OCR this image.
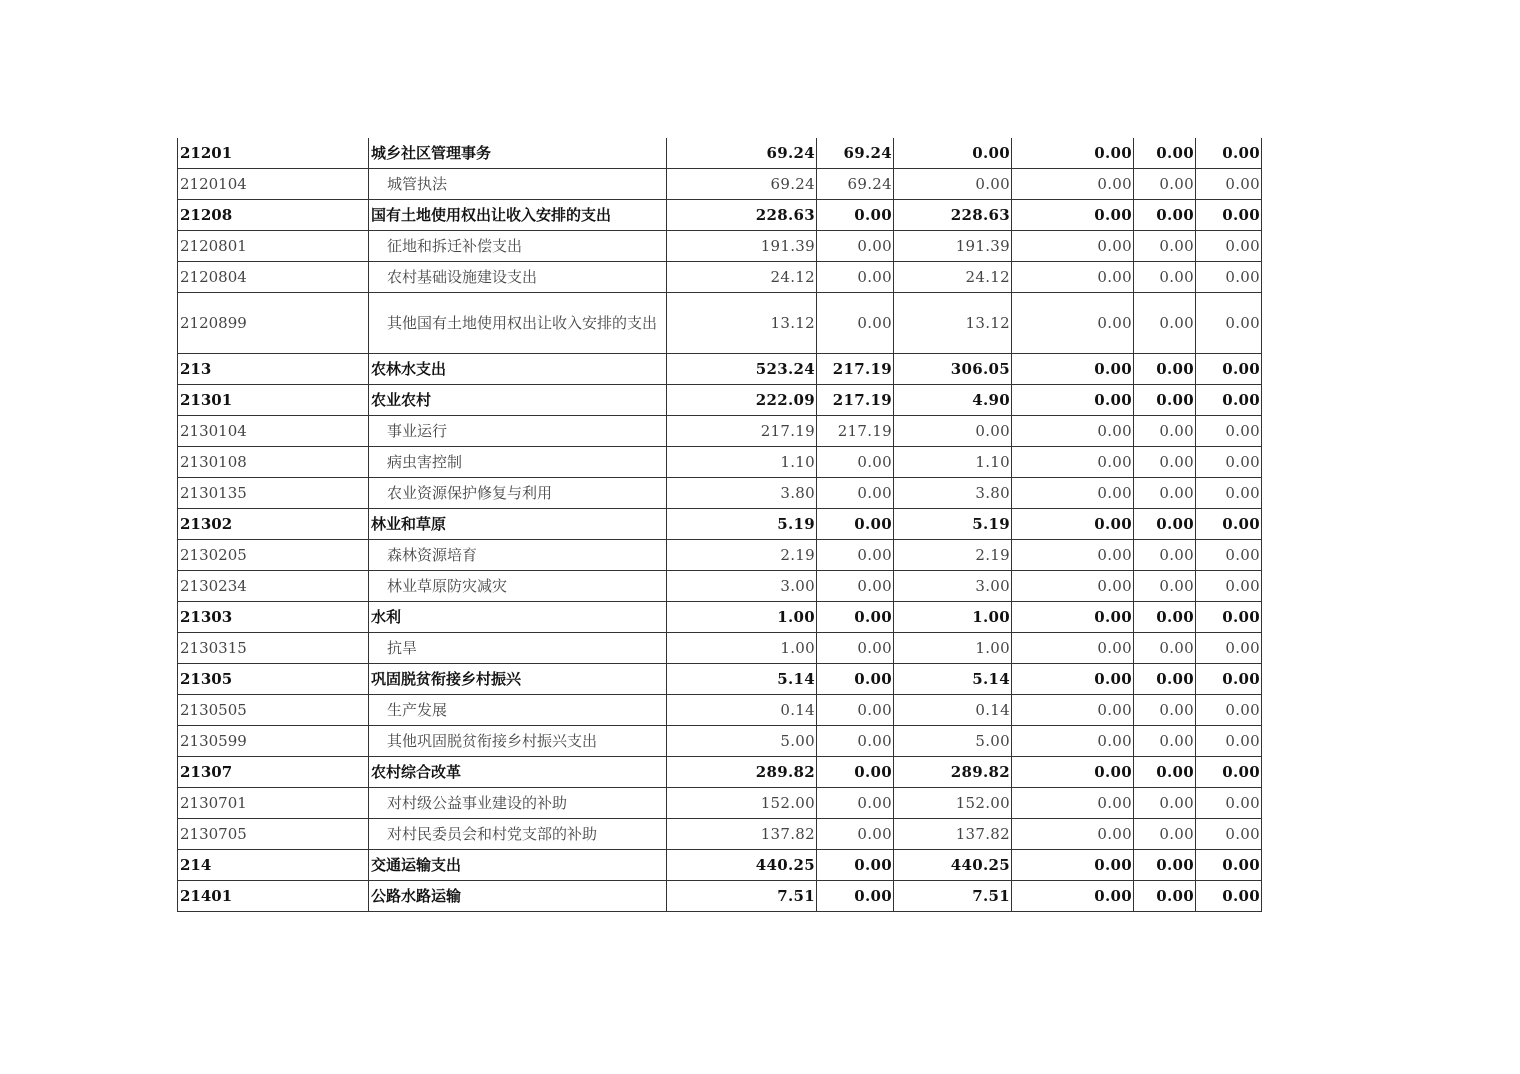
21201	城乡社区管理事务	69.24	69.24	0.00	0.00	0.00	0.00
2120104	城管执法	69.24	69.24	0.00	0.00	0.00	0.00
21208	国有土地使用权出让收入安排的支出	228.63	0.00	228.63	0.00	0.00	0.00
2120801	征地和拆迁补偿支出	191.39	0.00	191.39	0.00	0.00	0.00
2120804	农村基础设施建设支出	24.12	0.00	24.12	0.00	0.00	0.00
2120899	其他国有土地使用权出让收入安排的支出	13.12	0.00	13.12	0.00	0.00	0.00
213	农林水支出	523.24	217.19	306.05	0.00	0.00	0.00
21301	农业农村	222.09	217.19	4.90	0.00	0.00	0.00
2130104	事业运行	217.19	217.19	0.00	0.00	0.00	0.00
2130108	病虫害控制	1.10	0.00	1.10	0.00	0.00	0.00
2130135	农业资源保护修复与利用	3.80	0.00	3.80	0.00	0.00	0.00
21302	林业和草原	5.19	0.00	5.19	0.00	0.00	0.00
2130205	森林资源培育	2.19	0.00	2.19	0.00	0.00	0.00
2130234	林业草原防灾减灾	3.00	0.00	3.00	0.00	0.00	0.00
21303	水利	1.00	0.00	1.00	0.00	0.00	0.00
2130315	抗旱	1.00	0.00	1.00	0.00	0.00	0.00
21305	巩固脱贫衔接乡村振兴	5.14	0.00	5.14	0.00	0.00	0.00
2130505	生产发展	0.14	0.00	0.14	0.00	0.00	0.00
2130599	其他巩固脱贫衔接乡村振兴支出	5.00	0.00	5.00	0.00	0.00	0.00
21307	农村综合改革	289.82	0.00	289.82	0.00	0.00	0.00
2130701	对村级公益事业建设的补助	152.00	0.00	152.00	0.00	0.00	0.00
2130705	对村民委员会和村党支部的补助	137.82	0.00	137.82	0.00	0.00	0.00
214	交通运输支出	440.25	0.00	440.25	0.00	0.00	0.00
21401	公路水路运输	7.51	0.00	7.51	0.00	0.00	0.00
